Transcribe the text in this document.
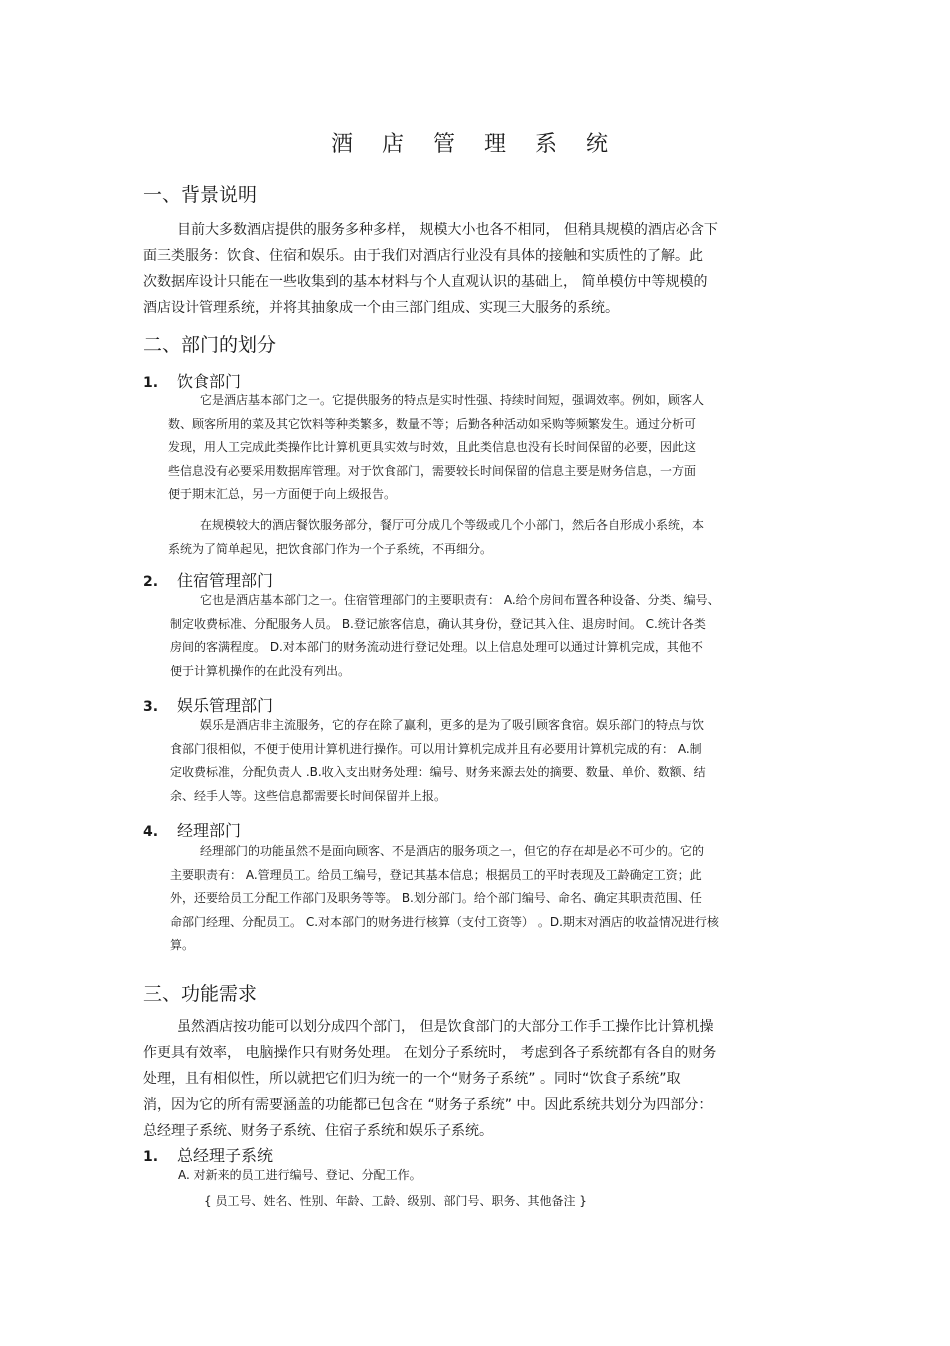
酒 店 管 理 系 统
一、背景说明
目前大多数酒店提供的服务多种多样， 规模大小也各不相同， 但稍具规模的酒店必含下
面三类服务：饮食、住宿和娱乐。由于我们对酒店行业没有具体的接触和实质性的了解。此
次数据库设计只能在一些收集到的基本材料与个人直观认识的基础上， 简单模仿中等规模的
酒店设计管理系统，并将其抽象成一个由三部门组成、实现三大服务的系统。
二、部门的划分
1. 饮食部门
它是酒店基本部门之一。它提供服务的特点是实时性强、持续时间短，强调效率。例如，顾客人
数、顾客所用的菜及其它饮料等种类繁多，数量不等；后勤各种活动如采购等频繁发生。通过分析可
发现，用人工完成此类操作比计算机更具实效与时效，且此类信息也没有长时间保留的必要，因此这
些信息没有必要采用数据库管理。对于饮食部门，需要较长时间保留的信息主要是财务信息，一方面
便于期末汇总，另一方面便于向上级报告。
在规模较大的酒店餐饮服务部分，餐厅可分成几个等级或几个小部门，然后各自形成小系统，本
系统为了简单起见，把饮食部门作为一个子系统，不再细分。
2. 住宿管理部门
它也是酒店基本部门之一。住宿管理部门的主要职责有： A.给个房间布置各种设备、分类、编号、
制定收费标准、分配服务人员。 B.登记旅客信息，确认其身份，登记其入住、退房时间。 C.统计各类
房间的客满程度。 D.对本部门的财务流动进行登记处理。以上信息处理可以通过计算机完成，其他不
便于计算机操作的在此没有列出。
3. 娱乐管理部门
娱乐是酒店非主流服务，它的存在除了赢利，更多的是为了吸引顾客食宿。娱乐部门的特点与饮
食部门很相似，不便于使用计算机进行操作。可以用计算机完成并且有必要用计算机完成的有： A.制
定收费标准，分配负责人 .B.收入支出财务处理：编号、财务来源去处的摘要、数量、单价、数额、结
余、经手人等。这些信息都需要长时间保留并上报。
4. 经理部门
经理部门的功能虽然不是面向顾客、不是酒店的服务项之一，但它的存在却是必不可少的。它的
主要职责有： A.管理员工。给员工编号，登记其基本信息；根据员工的平时表现及工龄确定工资；此
外，还要给员工分配工作部门及职务等等。 B.划分部门。给个部门编号、命名、确定其职责范围、任
命部门经理、分配员工。 C.对本部门的财务进行核算（支付工资等） 。D.期末对酒店的收益情况进行核
算。
三、功能需求
虽然酒店按功能可以划分成四个部门， 但是饮食部门的大部分工作手工操作比计算机操
作更具有效率， 电脑操作只有财务处理。 在划分子系统时， 考虑到各子系统都有各自的财务
处理，且有相似性，所以就把它们归为统一的一个“财务子系统” 。同时“饮食子系统”取
消，因为它的所有需要涵盖的功能都已包含在 “财务子系统” 中。因此系统共划分为四部分：
总经理子系统、财务子系统、住宿子系统和娱乐子系统。
1. 总经理子系统
A. 对新来的员工进行编号、登记、分配工作。
{ 员工号、姓名、性别、年龄、工龄、级别、部门号、职务、其他备注 }
